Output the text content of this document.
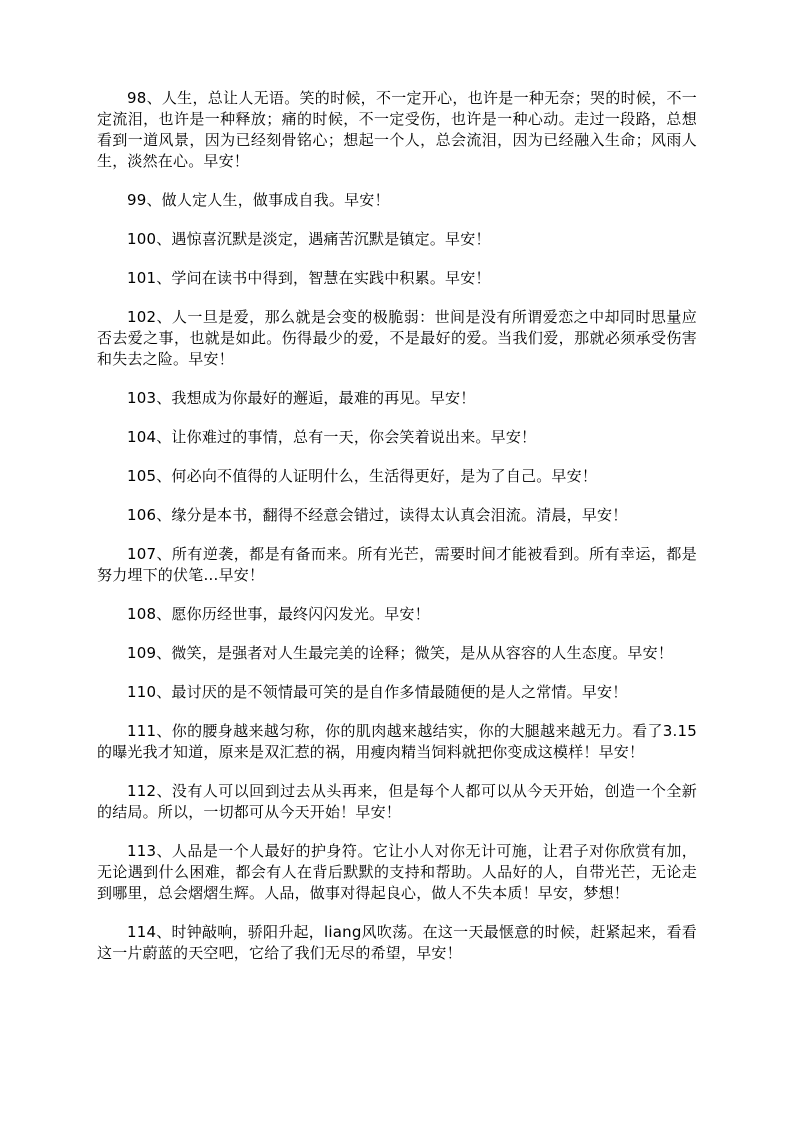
98、人生，总让人无语。笑的时候，不一定开心，也许是一种无奈；哭的时候，不一定流泪，也许是一种释放；痛的时候，不一定受伤，也许是一种心动。走过一段路，总想看到一道风景，因为已经刻骨铭心；想起一个人，总会流泪，因为已经融入生命；风雨人生，淡然在心。早安！

99、做人定人生，做事成自我。早安！

100、遇惊喜沉默是淡定，遇痛苦沉默是镇定。早安！

101、学问在读书中得到，智慧在实践中积累。早安！

102、人一旦是爱，那么就是会变的极脆弱：世间是没有所谓爱恋之中却同时思量应否去爱之事，也就是如此。伤得最少的爱，不是最好的爱。当我们爱，那就必须承受伤害和失去之险。早安！

103、我想成为你最好的邂逅，最难的再见。早安！

104、让你难过的事情，总有一天，你会笑着说出来。早安！

105、何必向不值得的人证明什么，生活得更好，是为了自己。早安！

106、缘分是本书，翻得不经意会错过，读得太认真会泪流。清晨，早安！

107、所有逆袭，都是有备而来。所有光芒，需要时间才能被看到。所有幸运，都是努力埋下的伏笔…早安！

108、愿你历经世事，最终闪闪发光。早安！

109、微笑，是强者对人生最完美的诠释；微笑，是从从容容的人生态度。早安！

110、最讨厌的是不领情最可笑的是自作多情最随便的是人之常情。早安！

111、你的腰身越来越匀称，你的肌肉越来越结实，你的大腿越来越无力。看了3.15的曝光我才知道，原来是双汇惹的祸，用瘦肉精当饲料就把你变成这模样！早安！

112、没有人可以回到过去从头再来，但是每个人都可以从今天开始，创造一个全新的结局。所以，一切都可从今天开始！早安！

113、人品是一个人最好的护身符。它让小人对你无计可施，让君子对你欣赏有加，无论遇到什么困难，都会有人在背后默默的支持和帮助。人品好的人，自带光芒，无论走到哪里，总会熠熠生辉。人品，做事对得起良心，做人不失本质！早安，梦想！

114、时钟敲响，骄阳升起，liang风吹荡。在这一天最惬意的时候，赶紧起来，看看这一片蔚蓝的天空吧，它给了我们无尽的希望，早安！
